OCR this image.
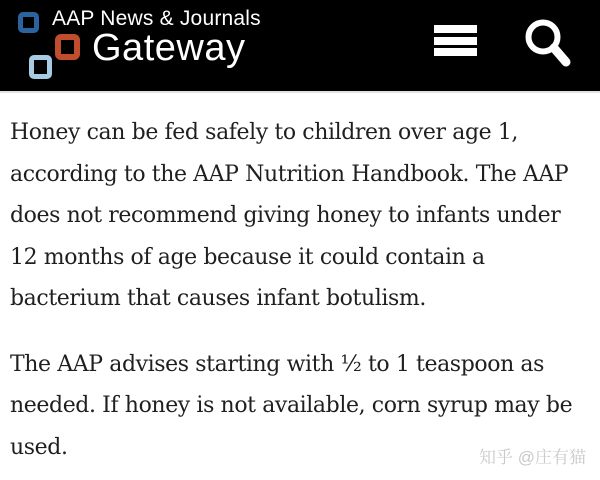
AAP News & Journals
Gateway

Honey can be fed safely to children over age 1,
according to the AAP Nutrition Handbook. The AAP
does not recommend giving honey to infants under
12 months of age because it could contain a
bacterium that causes infant botulism.

The AAP advises starting with ½ to 1 teaspoon as
needed. If honey is not available, corn syrup may be
used.	知乎 @庄有猫
